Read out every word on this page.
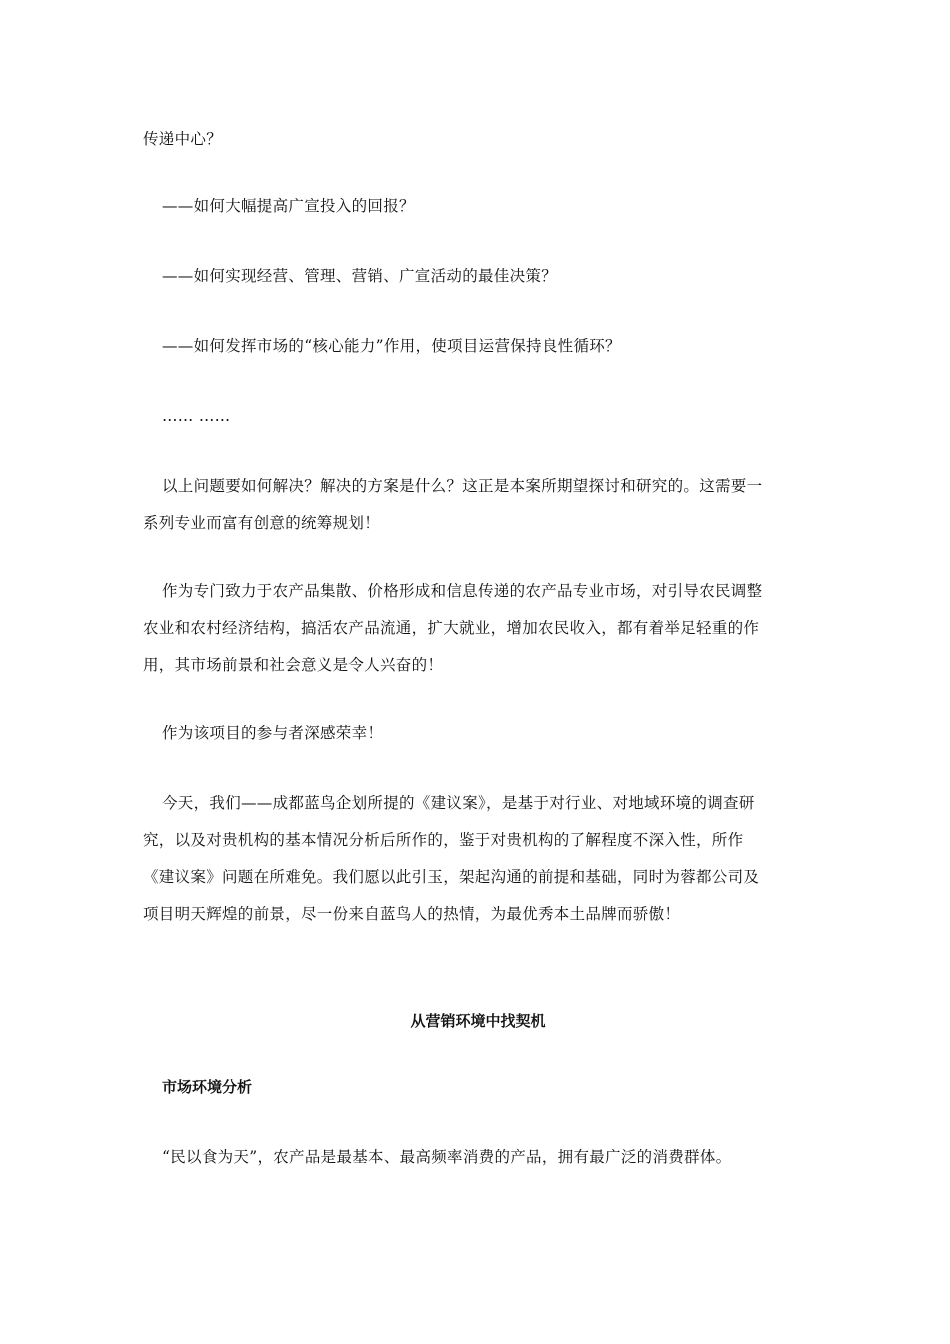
传递中心？
——如何大幅提高广宣投入的回报？
——如何实现经营、管理、营销、广宣活动的最佳决策？
——如何发挥市场的“核心能力”作用，使项目运营保持良性循环？
…… ……
以上问题要如何解决？解决的方案是什么？这正是本案所期望探讨和研究的。这需要一
系列专业而富有创意的统筹规划！
作为专门致力于农产品集散、价格形成和信息传递的农产品专业市场，对引导农民调整
农业和农村经济结构，搞活农产品流通，扩大就业，增加农民收入，都有着举足轻重的作
用，其市场前景和社会意义是令人兴奋的！
作为该项目的参与者深感荣幸！
今天，我们——成都蓝鸟企划所提的《建议案》，是基于对行业、对地域环境的调查研
究，以及对贵机构的基本情况分析后所作的，鉴于对贵机构的了解程度不深入性，所作
《建议案》问题在所难免。我们愿以此引玉，架起沟通的前提和基础，同时为蓉都公司及
项目明天辉煌的前景，尽一份来自蓝鸟人的热情，为最优秀本土品牌而骄傲！
从营销环境中找契机
市场环境分析
“民以食为天”，农产品是最基本、最高频率消费的产品，拥有最广泛的消费群体。
